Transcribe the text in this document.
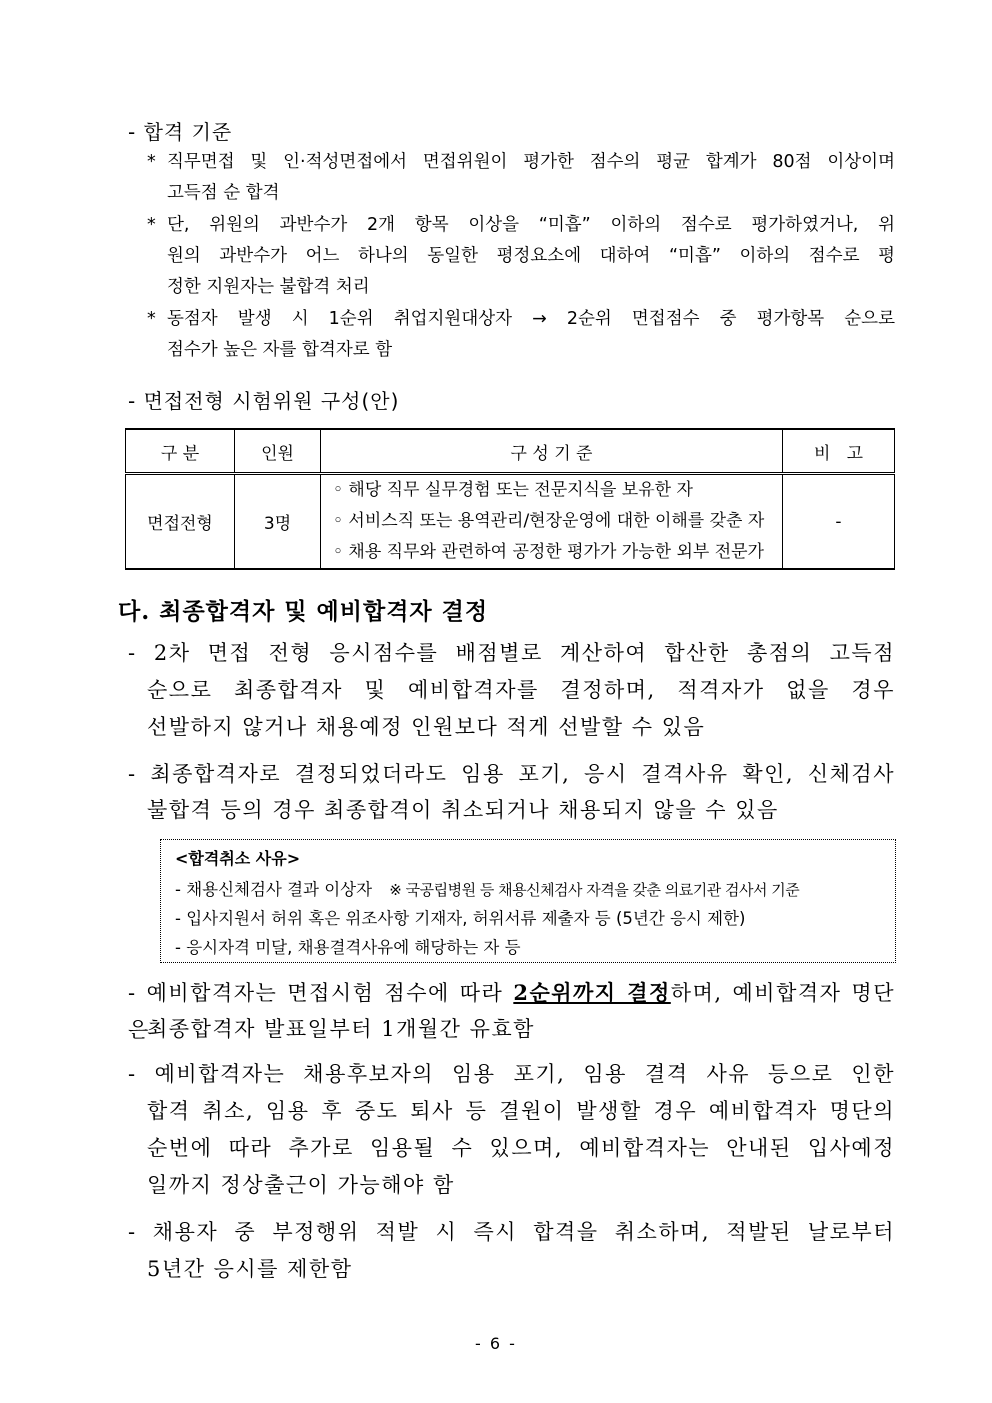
- 합격 기준
* 직무면접 및 인·적성면접에서 면접위원이 평가한 점수의 평균 합계가 80점 이상이며
고득점 순 합격
* 단, 위원의 과반수가 2개 항목 이상을 “미흡” 이하의 점수로 평가하였거나, 위
원의 과반수가 어느 하나의 동일한 평정요소에 대하여 “미흡” 이하의 점수로 평
정한 지원자는 불합격 처리
* 동점자 발생 시 1순위 취업지원대상자 → 2순위 면접점수 중 평가항목 순으로
점수가 높은 자를 합격자로 함
- 면접전형 시험위원 구성(안)
구 분	인원	구 성 기 준	비   고
면접전형	3명	◦ 해당 직무 실무경험 또는 전문지식을 보유한 자
◦ 서비스직 또는 용역관리/현장운영에 대한 이해를 갖춘 자
◦ 채용 직무와 관련하여 공정한 평가가 가능한 외부 전문가	-
다. 최종합격자 및 예비합격자 결정
- 2차 면접 전형 응시점수를 배점별로 계산하여 합산한 총점의 고득점
순으로 최종합격자 및 예비합격자를 결정하며, 적격자가 없을 경우
선발하지 않거나 채용예정 인원보다 적게 선발할 수 있음
- 최종합격자로 결정되었더라도 임용 포기, 응시 결격사유 확인, 신체검사
불합격 등의 경우 최종합격이 취소되거나 채용되지 않을 수 있음
<합격취소 사유>
- 채용신체검사 결과 이상자 ※ 국공립병원 등 채용신체검사 자격을 갖춘 의료기관 검사서 기준
- 입사지원서 허위 혹은 위조사항 기재자, 허위서류 제출자 등 (5년간 응시 제한)
- 응시자격 미달, 채용결격사유에 해당하는 자 등
- 예비합격자는 면접시험 점수에 따라 2순위까지 결정하며, 예비합격자 명단은
최종합격자 발표일부터 1개월간 유효함
- 예비합격자는 채용후보자의 임용 포기, 임용 결격 사유 등으로 인한
합격 취소, 임용 후 중도 퇴사 등 결원이 발생할 경우 예비합격자 명단의
순번에 따라 추가로 임용될 수 있으며, 예비합격자는 안내된 입사예정
일까지 정상출근이 가능해야 함
- 채용자 중 부정행위 적발 시 즉시 합격을 취소하며, 적발된 날로부터
5년간 응시를 제한함
- 6 -
